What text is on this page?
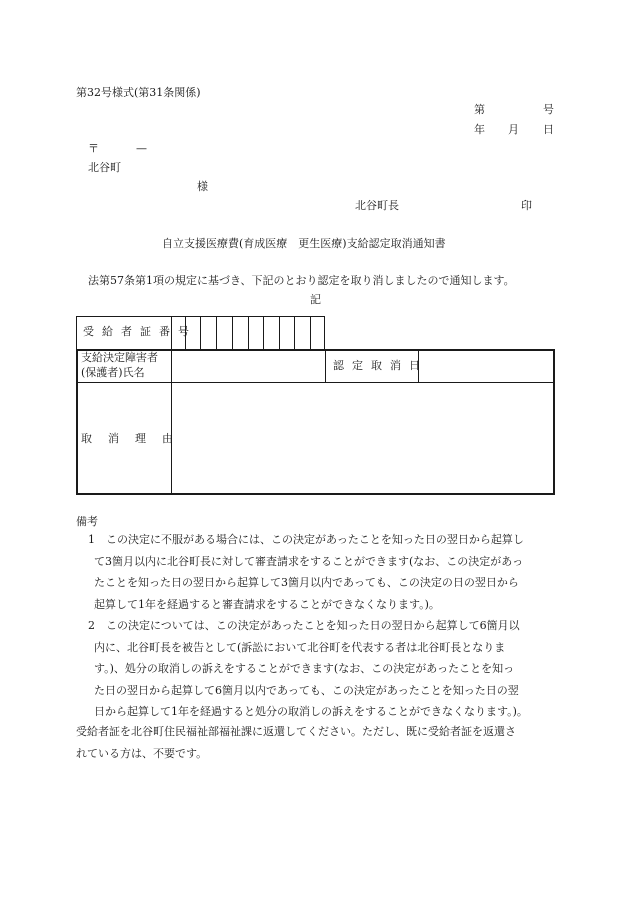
第32号様式(第31条関係)
第	号
年 月 日
〒	—
北谷町
様
北谷町長	印
自立支援医療費(育成医療　更生医療)支給認定取消通知書
法第57条第1項の規定に基づき、下記のとおり認定を取り消しましたので通知します。
記
受給者証番号
支給決定障害者
(保護者)氏名
認定取消日
取消理由
備考
1　この決定に不服がある場合には、この決定があったことを知った日の翌日から起算し
て3箇月以内に北谷町長に対して審査請求をすることができます(なお、この決定があっ
たことを知った日の翌日から起算して3箇月以内であっても、この決定の日の翌日から
起算して1年を経過すると審査請求をすることができなくなります。)。
2　この決定については、この決定があったことを知った日の翌日から起算して6箇月以
内に、北谷町長を被告として(訴訟において北谷町を代表する者は北谷町長となりま
す。)、処分の取消しの訴えをすることができます(なお、この決定があったことを知っ
た日の翌日から起算して6箇月以内であっても、この決定があったことを知った日の翌
日から起算して1年を経過すると処分の取消しの訴えをすることができなくなります。)。
受給者証を北谷町住民福祉部福祉課に返還してください。ただし、既に受給者証を返還さ
れている方は、不要です。
